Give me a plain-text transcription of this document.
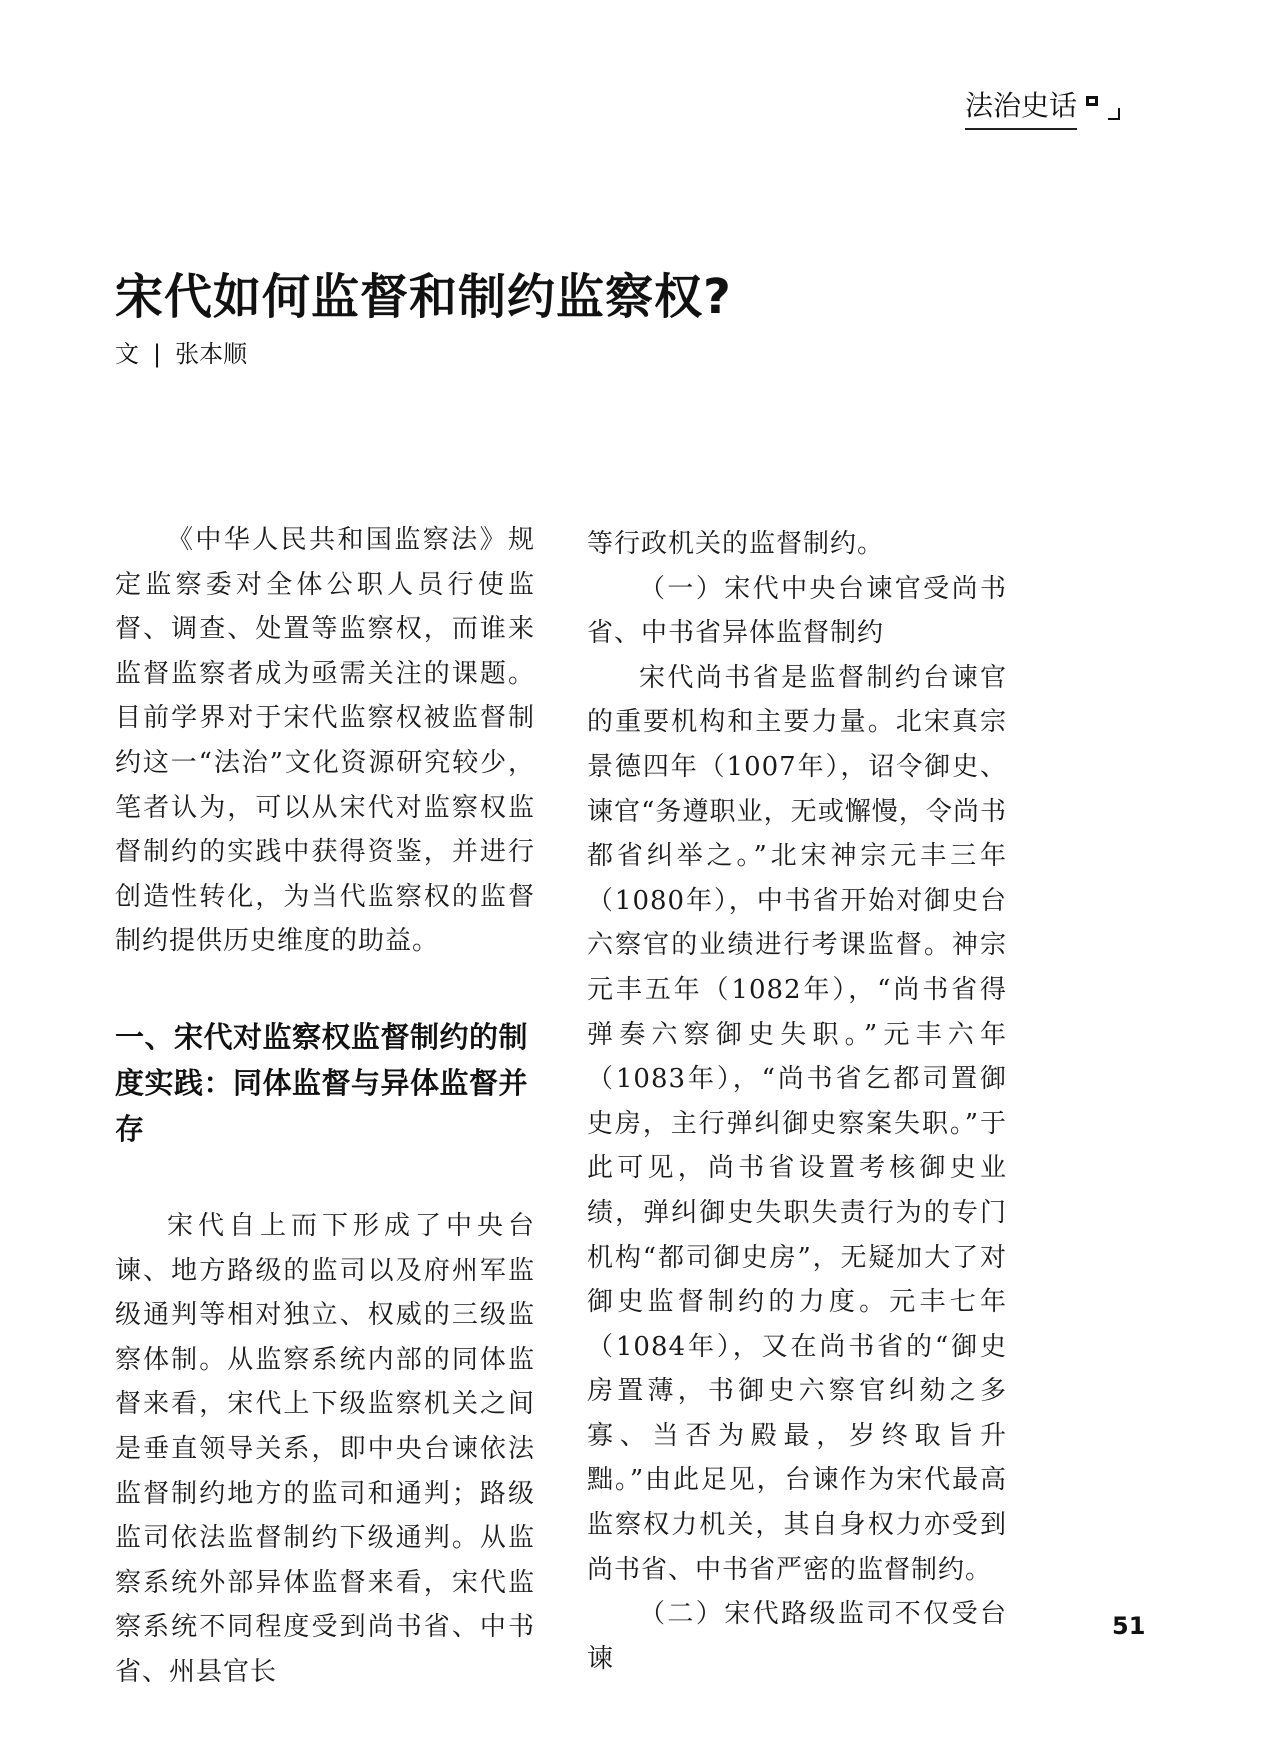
法治史话
宋代如何监督和制约监察权?
文 | 张本顺

《中华人民共和国监察法》规定监察委对全体公职人员行使监督、调查、处置等监察权，而谁来监督监察者成为亟需关注的课题。目前学界对于宋代监察权被监督制约这一“法治”文化资源研究较少，笔者认为，可以从宋代对监察权监督制约的实践中获得资鉴，并进行创造性转化，为当代监察权的监督制约提供历史维度的助益。

一、宋代对监察权监督制约的制度实践：同体监督与异体监督并存

宋代自上而下形成了中央台谏、地方路级的监司以及府州军监级通判等相对独立、权威的三级监察体制。从监察系统内部的同体监督来看，宋代上下级监察机关之间是垂直领导关系，即中央台谏依法监督制约地方的监司和通判；路级监司依法监督制约下级通判。从监察系统外部异体监督来看，宋代监察系统不同程度受到尚书省、中书省、州县官长

等行政机关的监督制约。

（一）宋代中央台谏官受尚书省、中书省异体监督制约

宋代尚书省是监督制约台谏官的重要机构和主要力量。北宋真宗景德四年（1007年），诏令御史、谏官“务遵职业，无或懈慢，令尚书都省纠举之。”北宋神宗元丰三年（1080年），中书省开始对御史台六察官的业绩进行考课监督。神宗元丰五年（1082年），“尚书省得弹奏六察御史失职。”元丰六年（1083年），“尚书省乞都司置御史房，主行弹纠御史察案失职。”于此可见，尚书省设置考核御史业绩，弹纠御史失职失责行为的专门机构“都司御史房”，无疑加大了对御史监督制约的力度。元丰七年（1084年），又在尚书省的“御史房置薄，书御史六察官纠劾之多寡、当否为殿最，岁终取旨升黜。”由此足见，台谏作为宋代最高监察权力机关，其自身权力亦受到尚书省、中书省严密的监督制约。

（二）宋代路级监司不仅受台谏

51
